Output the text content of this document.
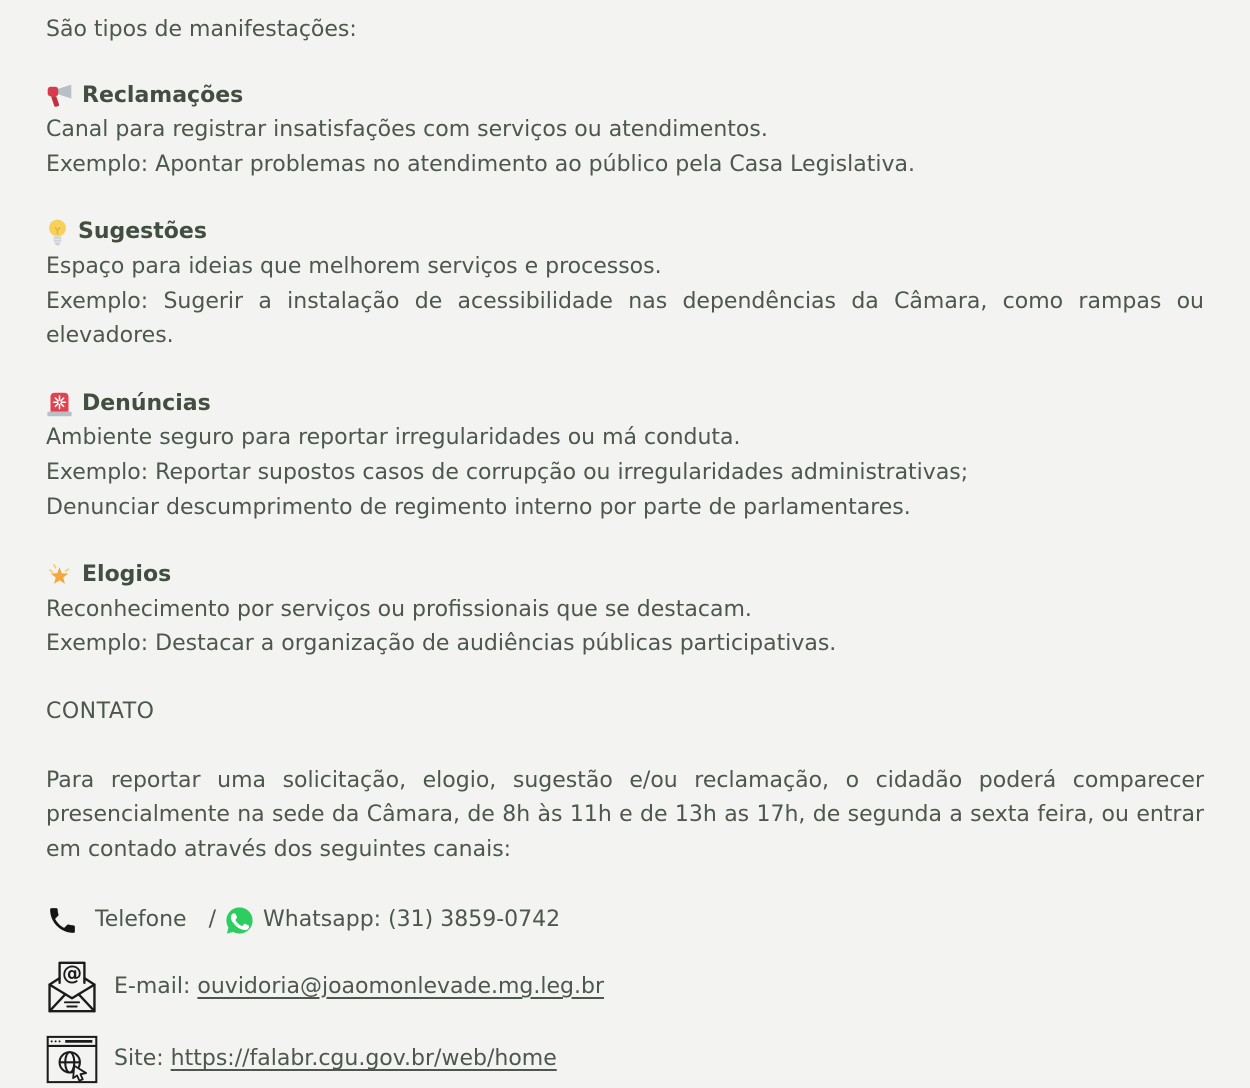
São tipos de manifestações:

Reclamações

Canal para registrar insatisfações com serviços ou atendimentos.

Exemplo: Apontar problemas no atendimento ao público pela Casa Legislativa.

Sugestões

Espaço para ideias que melhorem serviços e processos.

Exemplo: Sugerir a instalação de acessibilidade nas dependências da Câmara, como rampas ou elevadores.

Denúncias

Ambiente seguro para reportar irregularidades ou má conduta.

Exemplo: Reportar supostos casos de corrupção ou irregularidades administrativas;

Denunciar descumprimento de regimento interno por parte de parlamentares.

Elogios

Reconhecimento por serviços ou profissionais que se destacam.

Exemplo: Destacar a organização de audiências públicas participativas.

CONTATO

Para reportar uma solicitação, elogio, sugestão e/ou reclamação, o cidadão poderá comparecer presencialmente na sede da Câmara, de 8h às 11h e de 13h as 17h, de segunda a sexta feira, ou entrar em contado através dos seguintes canais:

Telefone / Whatsapp: (31) 3859-0742
@
E-mail: ouvidoria@joaomonlevade.mg.leg.br
Site: https://falabr.cgu.gov.br/web/home
